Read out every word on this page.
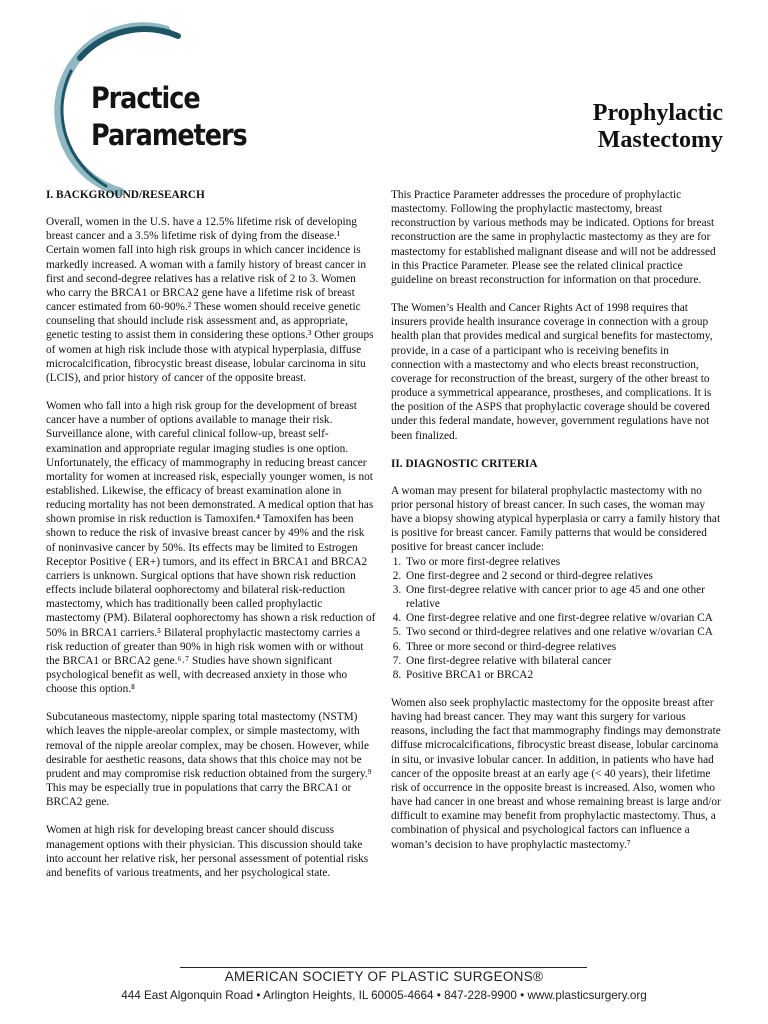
Practice
Parameters
Prophylactic
Mastectomy
I. BACKGROUND/RESEARCH

Overall, women in the U.S. have a 12.5% lifetime risk of developing breast cancer and a 3.5% lifetime risk of dying from the disease.¹ Certain women fall into high risk groups in which cancer incidence is markedly increased. A woman with a family history of breast cancer in first and second-degree relatives has a relative risk of 2 to 3. Women who carry the BRCA1 or BRCA2 gene have a lifetime risk of breast cancer estimated from 60-90%.² These women should receive genetic counseling that should include risk assessment and, as appropriate, genetic testing to assist them in considering these options.³ Other groups of women at high risk include those with atypical hyperplasia, diffuse microcalcification, fibrocystic breast disease, lobular carcinoma in situ (LCIS), and prior history of cancer of the opposite breast.

Women who fall into a high risk group for the development of breast cancer have a number of options available to manage their risk. Surveillance alone, with careful clinical follow-up, breast self-examination and appropriate regular imaging studies is one option. Unfortunately, the efficacy of mammography in reducing breast cancer mortality for women at increased risk, especially younger women, is not established. Likewise, the efficacy of breast examination alone in reducing mortality has not been demonstrated. A medical option that has shown promise in risk reduction is Tamoxifen.⁴ Tamoxifen has been shown to reduce the risk of invasive breast cancer by 49% and the risk of noninvasive cancer by 50%. Its effects may be limited to Estrogen Receptor Positive ( ER+) tumors, and its effect in BRCA1 and BRCA2 carriers is unknown. Surgical options that have shown risk reduction effects include bilateral oophorectomy and bilateral risk-reduction mastectomy, which has traditionally been called prophylactic mastectomy (PM). Bilateral oophorectomy has shown a risk reduction of 50% in BRCA1 carriers.⁵ Bilateral prophylactic mastectomy carries a risk reduction of greater than 90% in high risk women with or without the BRCA1 or BRCA2 gene.⁶˒⁷ Studies have shown significant psychological benefit as well, with decreased anxiety in those who choose this option.⁸

Subcutaneous mastectomy, nipple sparing total mastectomy (NSTM) which leaves the nipple-areolar complex, or simple mastectomy, with removal of the nipple areolar complex, may be chosen. However, while desirable for aesthetic reasons, data shows that this choice may not be prudent and may compromise risk reduction obtained from the surgery.⁹ This may be especially true in populations that carry the BRCA1 or BRCA2 gene.

Women at high risk for developing breast cancer should discuss management options with their physician. This discussion should take into account her relative risk, her personal assessment of potential risks and benefits of various treatments, and her psychological state.

This Practice Parameter addresses the procedure of prophylactic mastectomy. Following the prophylactic mastectomy, breast reconstruction by various methods may be indicated. Options for breast reconstruction are the same in prophylactic mastectomy as they are for mastectomy for established malignant disease and will not be addressed in this Practice Parameter. Please see the related clinical practice guideline on breast reconstruction for information on that procedure.

The Women’s Health and Cancer Rights Act of 1998 requires that insurers provide health insurance coverage in connection with a group health plan that provides medical and surgical benefits for mastectomy, provide, in a case of a participant who is receiving benefits in connection with a mastectomy and who elects breast reconstruction, coverage for reconstruction of the breast, surgery of the other breast to produce a symmetrical appearance, prostheses, and complications. It is the position of the ASPS that prophylactic coverage should be covered under this federal mandate, however, government regulations have not been finalized.

II. DIAGNOSTIC CRITERIA

A woman may present for bilateral prophylactic mastectomy with no prior personal history of breast cancer. In such cases, the woman may have a biopsy showing atypical hyperplasia or carry a family history that is positive for breast cancer. Family patterns that would be considered positive for breast cancer include:

1. Two or more first-degree relatives
2. One first-degree and 2 second or third-degree relatives
3. One first-degree relative with cancer prior to age 45 and one other relative
4. One first-degree relative and one first-degree relative w/ovarian CA
5. Two second or third-degree relatives and one relative w/ovarian CA
6. Three or more second or third-degree relatives
7. One first-degree relative with bilateral cancer
8. Positive BRCA1 or BRCA2

Women also seek prophylactic mastectomy for the opposite breast after having had breast cancer. They may want this surgery for various reasons, including the fact that mammography findings may demonstrate diffuse microcalcifications, fibrocystic breast disease, lobular carcinoma in situ, or invasive lobular cancer. In addition, in patients who have had cancer of the opposite breast at an early age (< 40 years), their lifetime risk of occurrence in the opposite breast is increased. Also, women who have had cancer in one breast and whose remaining breast is large and/or difficult to examine may benefit from prophylactic mastectomy. Thus, a combination of physical and psychological factors can influence a woman’s decision to have prophylactic mastectomy.⁷

AMERICAN SOCIETY OF PLASTIC SURGEONS®
444 East Algonquin Road • Arlington Heights, IL 60005-4664 • 847-228-9900 • www.plasticsurgery.org
